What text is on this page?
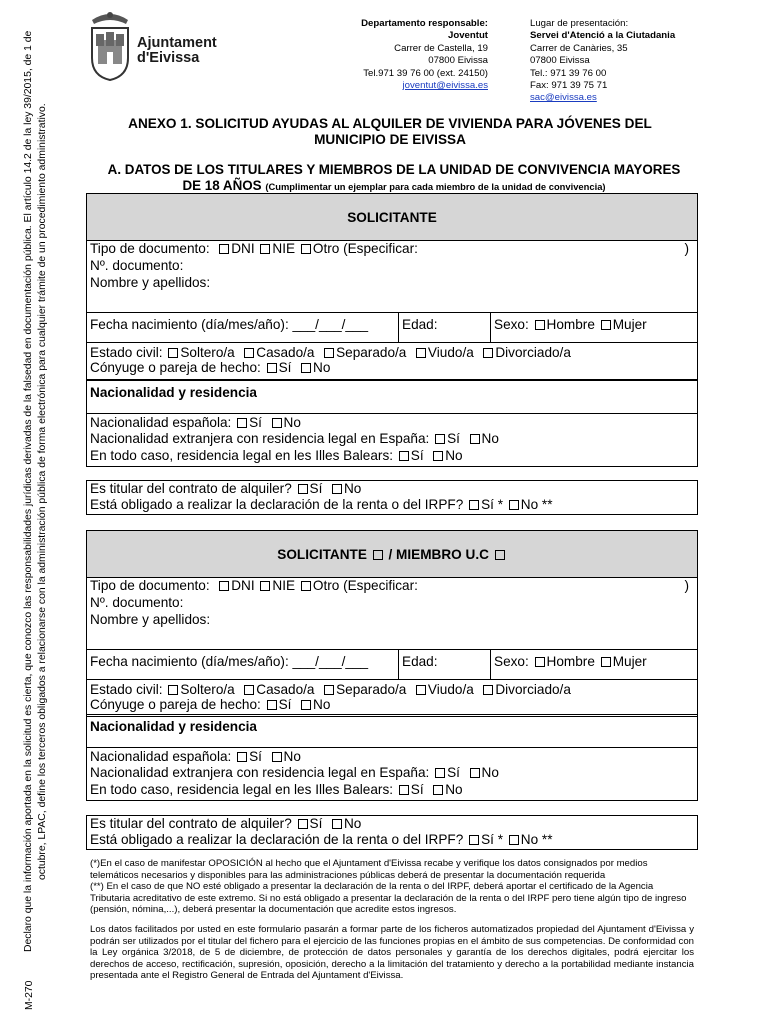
Declaro que la información aportada en la solicitud es cierta, que conozco las responsabilidades jurídicas derivadas de la falsedad en documentación pública. El artículo 14.2 de la ley 39/2015, de 1 de octubre, LPAC, define los terceros obligados a relacionarse con la administración pública de forma electrónica para cualquier trámite de un procedimiento administrativo.
M-270
Ajuntament
d'Eivissa
Departamento responsable:
Joventut
Carrer de Castella, 19
07800 Eivissa
Tel.971 39 76 00 (ext. 24150)
joventut@eivissa.es
Lugar de presentación:
Servei d'Atenció a la Ciutadania
Carrer de Canàries, 35
07800 Eivissa
Tel.: 971 39 76 00
Fax: 971 39 75 71
sac@eivissa.es
ANEXO 1. SOLICITUD AYUDAS AL ALQUILER DE VIVIENDA PARA JÓVENES DEL
MUNICIPIO DE EIVISSA
A. DATOS DE LOS TITULARES Y MIEMBROS DE LA UNIDAD DE CONVIVENCIA MAYORES
DE 18 AÑOS (Cumplimentar un ejemplar para cada miembro de la unidad de convivencia)
SOLICITANTE
Tipo de documento: DNI NIE Otro (Especificar:	)
Nº. documento:
Nombre y apellidos:
Fecha nacimiento (día/mes/año): ___/___/___	Edad:	Sexo: Hombre Mujer
Estado civil: Soltero/a Casado/a Separado/a Viudo/a Divorciado/a
Cónyuge o pareja de hecho: Sí No
Nacionalidad y residencia
Nacionalidad española: Sí No
Nacionalidad extranjera con residencia legal en España: Sí No
En todo caso, residencia legal en les Illes Balears: Sí No
Es titular del contrato de alquiler? Sí No
Está obligado a realizar la declaración de la renta o del IRPF? Sí * No **
SOLICITANTE / MIEMBRO U.C
Tipo de documento: DNI NIE Otro (Especificar:	)
Nº. documento:
Nombre y apellidos:
Fecha nacimiento (día/mes/año): ___/___/___	Edad:	Sexo: Hombre Mujer
Estado civil: Soltero/a Casado/a Separado/a Viudo/a Divorciado/a
Cónyuge o pareja de hecho: Sí No
Nacionalidad y residencia
Nacionalidad española: Sí No
Nacionalidad extranjera con residencia legal en España: Sí No
En todo caso, residencia legal en les Illes Balears: Sí No
Es titular del contrato de alquiler? Sí No
Está obligado a realizar la declaración de la renta o del IRPF? Sí * No **

(*)En el caso de manifestar OPOSICIÓN al hecho que el Ajuntament d'Eivissa recabe y verifique los datos consignados por medios telemáticos necesarios y disponibles para las administraciones públicas deberá de presentar la documentación requerida

(**) En el caso de que NO esté obligado a presentar la declaración de la renta o del IRPF, deberá aportar el certificado de la Agencia Tributaria acreditativo de este extremo. Si no está obligado a presentar la declaración de la renta o del IRPF pero tiene algún tipo de ingreso (pensión, nómina,...), deberá presentar la documentación que acredite estos ingresos.

Los datos facilitados por usted en este formulario pasarán a formar parte de los ficheros automatizados propiedad del Ajuntament d'Eivissa y podrán ser utilizados por el titular del fichero para el ejercicio de las funciones propias en el ámbito de sus competencias. De conformidad con la Ley orgánica 3/2018, de 5 de diciembre, de protección de datos personales y garantía de los derechos digitales, podrá ejercitar los derechos de acceso, rectificación, supresión, oposición, derecho a la limitación del tratamiento y derecho a la portabilidad mediante instancia presentada ante el Registro General de Entrada del Ajuntament d'Eivissa.
